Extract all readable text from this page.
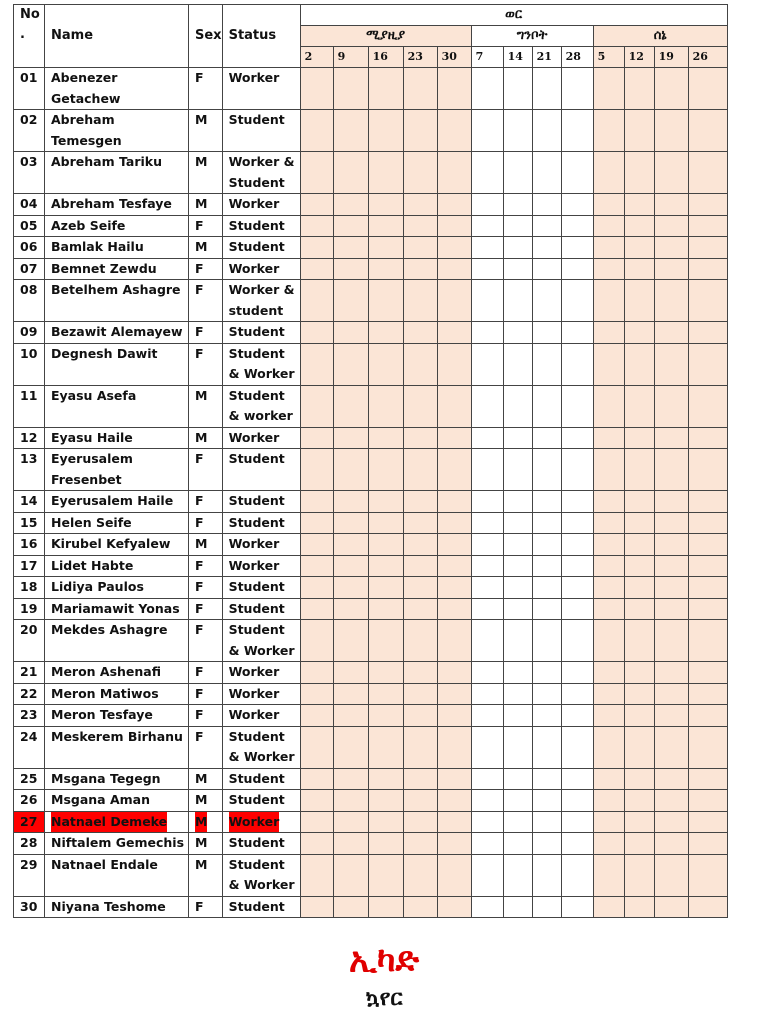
No
.	Name	Sex	Status	ወር												
				ሚያዚያ					ግንቦት				ሰኔ			
				2	9	16	23	30	7	14	21	28	5	12	19	26
01	Abenezer Getachew	F	Worker													
02	Abreham Temesgen	M	Student													
03	Abreham Tariku	M	Worker & Student													
04	Abreham Tesfaye	M	Worker													
05	Azeb Seife	F	Student													
06	Bamlak Hailu	M	Student													
07	Bemnet Zewdu	F	Worker													
08	Betelhem Ashagre	F	Worker & student													
09	Bezawit Alemayew	F	Student													
10	Degnesh Dawit	F	Student & Worker													
11	Eyasu Asefa	M	Student & worker													
12	Eyasu Haile	M	Worker													
13	Eyerusalem Fresenbet	F	Student													
14	Eyerusalem Haile	F	Student													
15	Helen Seife	F	Student													
16	Kirubel Kefyalew	M	Worker													
17	Lidet Habte	F	Worker													
18	Lidiya Paulos	F	Student													
19	Mariamawit Yonas	F	Student													
20	Mekdes Ashagre	F	Student & Worker													
21	Meron Ashenafi	F	Worker													
22	Meron Matiwos	F	Worker													
23	Meron Tesfaye	F	Worker													
24	Meskerem Birhanu	F	Student & Worker													
25	Msgana Tegegn	M	Student													
26	Msgana Aman	M	Student													
27	Natnael Demeke	M	Worker													
28	Niftalem Gemechis	M	Student													
29	Natnael Endale	M	Student & Worker													
30	Niyana Teshome	F	Student													
ኢካድ
ኳየር
